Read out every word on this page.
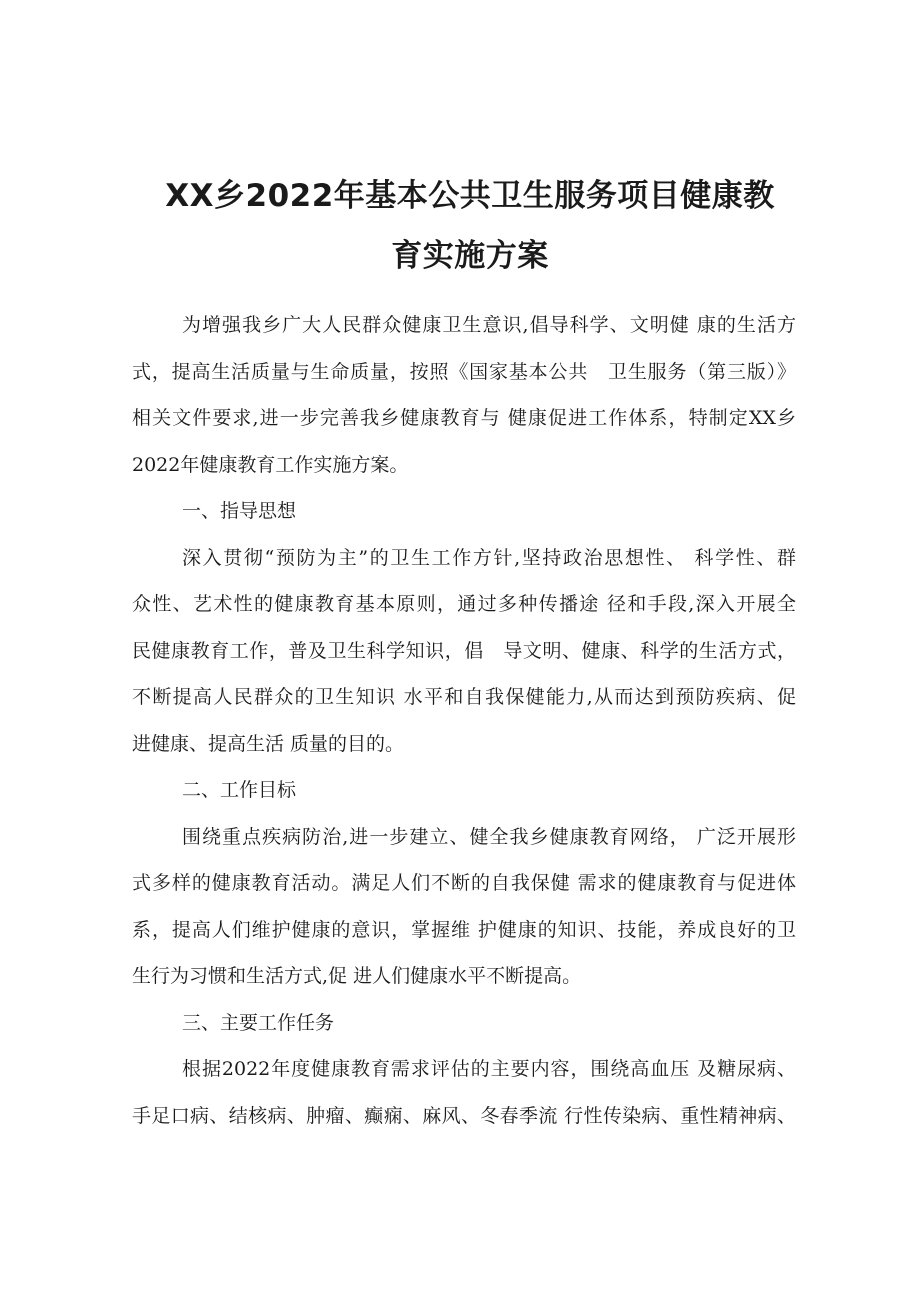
XX乡2022年基本公共卫生服务项目健康教
育实施方案
为增强我乡广大人民群众健康卫生意识,倡导科学、文明健 康的生活方
式，提高生活质量与生命质量，按照《国家基本公共　卫生服务（第三版）》
相关文件要求,进一步完善我乡健康教育与 健康促进工作体系，特制定XX乡
2022年健康教育工作实施方案。
一、指导思想
深入贯彻“预防为主”的卫生工作方针,坚持政治思想性、 科学性、群
众性、艺术性的健康教育基本原则，通过多种传播途 径和手段,深入开展全
民健康教育工作，普及卫生科学知识，倡　导文明、健康、科学的生活方式，
不断提高人民群众的卫生知识 水平和自我保健能力,从而达到预防疾病、促
进健康、提高生活 质量的目的。
二、工作目标
围绕重点疾病防治,进一步建立、健全我乡健康教育网络， 广泛开展形
式多样的健康教育活动。满足人们不断的自我保健 需求的健康教育与促进体
系，提高人们维护健康的意识，掌握维 护健康的知识、技能，养成良好的卫
生行为习惯和生活方式,促 进人们健康水平不断提高。
三、主要工作任务
根据2022年度健康教育需求评估的主要内容，围绕高血压 及糖尿病、
手足口病、结核病、肿瘤、癫痫、麻风、冬春季流 行性传染病、重性精神病、
